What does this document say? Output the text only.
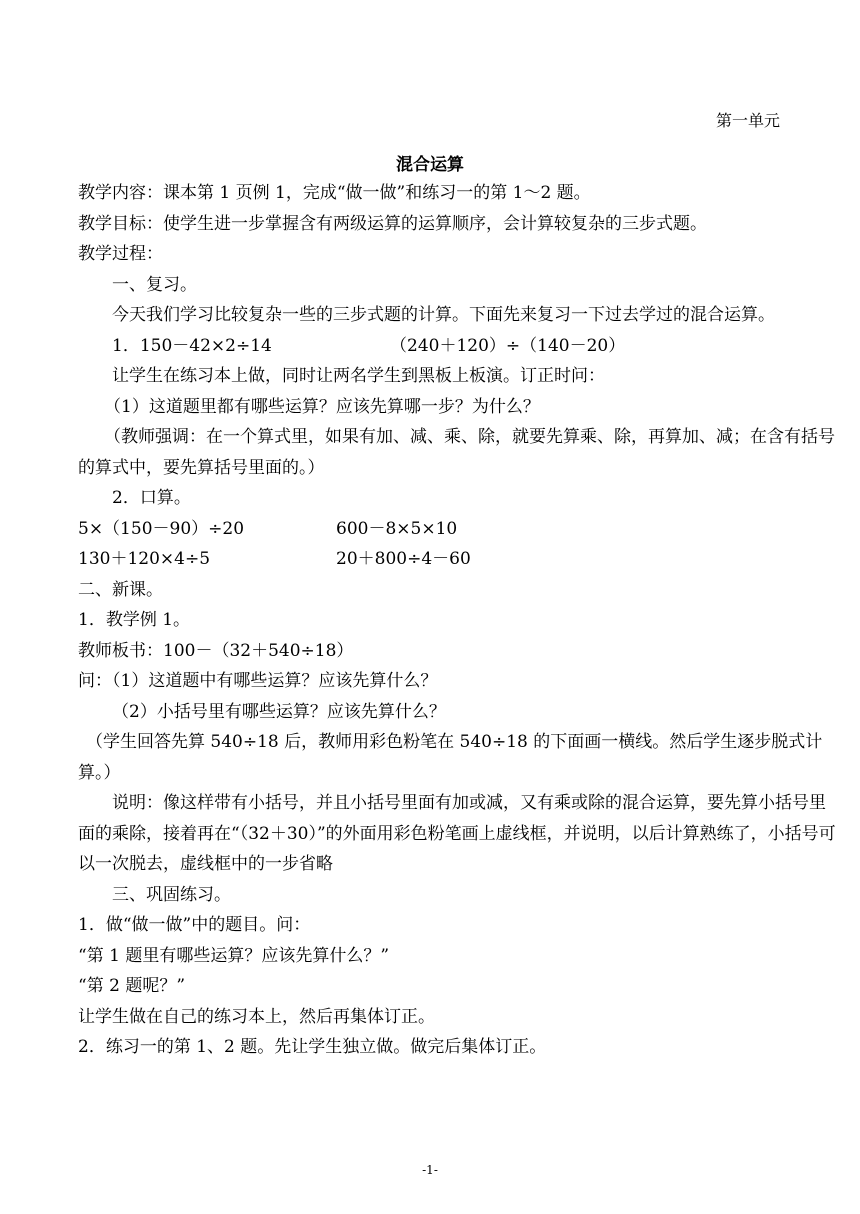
第一单元
混合运算

教学内容：课本第 1 页例 1，完成“做一做”和练习一的第 1～2 题。

教学目标：使学生进一步掌握含有两级运算的运算顺序，会计算较复杂的三步式题。

教学过程：

一、复习。

今天我们学习比较复杂一些的三步式题的计算。下面先来复习一下过去学过的混合运算。

1．150－42×2÷14	（240＋120）÷（140－20）

让学生在练习本上做，同时让两名学生到黑板上板演。订正时问：

（1）这道题里都有哪些运算？应该先算哪一步？为什么？

（教师强调：在一个算式里，如果有加、减、乘、除，就要先算乘、除，再算加、减；在含有括号的算式中，要先算括号里面的。）

2．口算。

5×（150－90）÷20	600－8×5×10
130＋120×4÷5	20＋800÷4－60

二、新课。

1．教学例 1。

教师板书：100－（32＋540÷18）

问：（1）这道题中有哪些运算？应该先算什么？

（2）小括号里有哪些运算？应该先算什么？

（学生回答先算 540÷18 后，教师用彩色粉笔在 540÷18 的下面画一横线。然后学生逐步脱式计算。）

说明：像这样带有小括号，并且小括号里面有加或减，又有乘或除的混合运算，要先算小括号里面的乘除，接着再在“（32＋30）”的外面用彩色粉笔画上虚线框，并说明，以后计算熟练了，小括号可以一次脱去，虚线框中的一步省略

三、巩固练习。

1．做“做一做”中的题目。问：

“第 1 题里有哪些运算？应该先算什么？”

“第 2 题呢？”

让学生做在自己的练习本上，然后再集体订正。

2．练习一的第 1、2 题。先让学生独立做。做完后集体订正。

-1-
